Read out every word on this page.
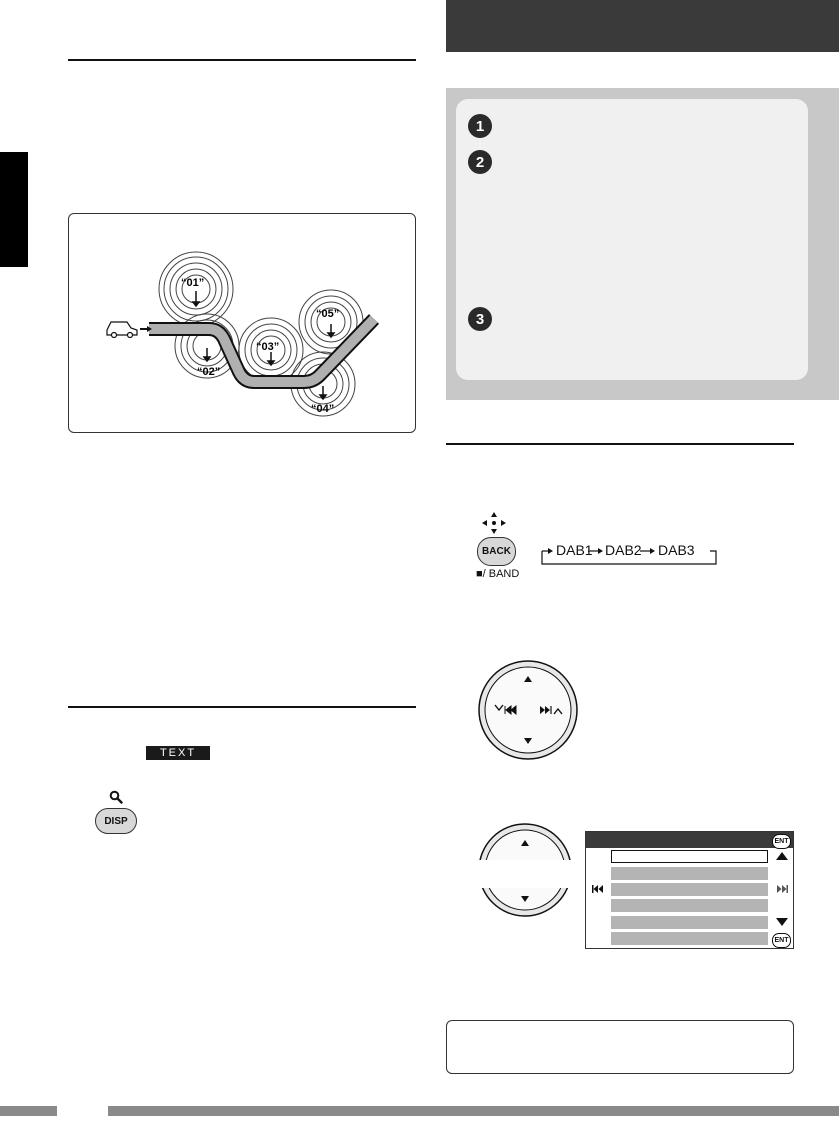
“01”
“02”
“03”
“04”
“05”
TEXT
DISP
1
2
3
BACK
■/ BAND
DAB1 DAB2 DAB3
ENT
ENT
